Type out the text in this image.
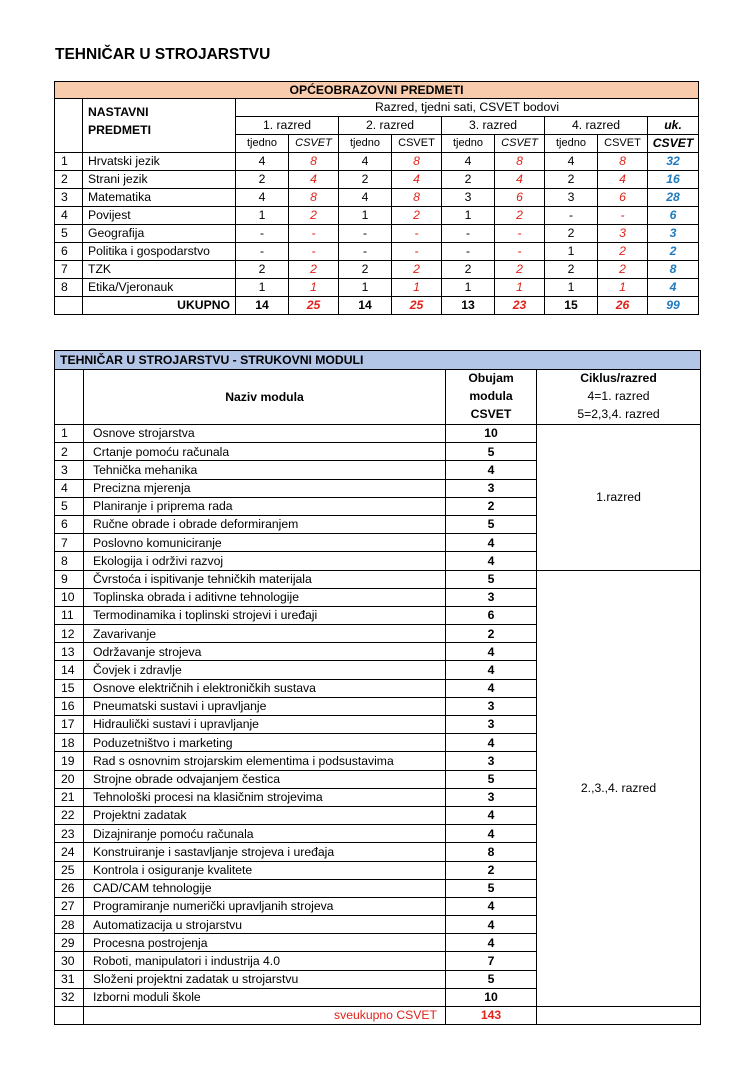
TEHNIČAR U STROJARSTVU
OPĆEOBRAZOVNI PREDMETI										
	NASTAVNI
PREDMETI	Razred, tjedni sati, CSVET bodovi								
		1. razred		2. razred		3. razred		4. razred		uk.
		tjedno	CSVET	tjedno	CSVET	tjedno	CSVET	tjedno	CSVET	CSVET
1	Hrvatski jezik	4	8	4	8	4	8	4	8	32
2	Strani jezik	2	4	2	4	2	4	2	4	16
3	Matematika	4	8	4	8	3	6	3	6	28
4	Povijest	1	2	1	2	1	2	-	-	6
5	Geografija	-	-	-	-	-	-	2	3	3
6	Politika i gospodarstvo	-	-	-	-	-	-	1	2	2
7	TZK	2	2	2	2	2	2	2	2	8
8	Etika/Vjeronauk	1	1	1	1	1	1	1	1	4
	UKUPNO	14	25	14	25	13	23	15	26	99
TEHNIČAR U STROJARSTVU - STRUKOVNI MODULI			
	Naziv modula	Obujam
modula
CSVET	Ciklus/razred
4=1. razred
5=2,3,4. razred
1	Osnove strojarstva	10	1.razred
2	Crtanje pomoću računala	5	
3	Tehnička mehanika	4	
4	Precizna mjerenja	3	
5	Planiranje i priprema rada	2	
6	Ručne obrade i obrade deformiranjem	5	
7	Poslovno komuniciranje	4	
8	Ekologija i održivi razvoj	4	
9	Čvrstoća i ispitivanje tehničkih materijala	5	2.,3.,4. razred
10	Toplinska obrada i aditivne tehnologije	3	
11	Termodinamika i toplinski strojevi i uređaji	6	
12	Zavarivanje	2	
13	Održavanje strojeva	4	
14	Čovjek i zdravlje	4	
15	Osnove električnih i elektroničkih sustava	4	
16	Pneumatski sustavi i upravljanje	3	
17	Hidraulički sustavi i upravljanje	3	
18	Poduzetništvo i marketing	4	
19	Rad s osnovnim strojarskim elementima i podsustavima	3	
20	Strojne obrade odvajanjem čestica	5	
21	Tehnološki procesi na klasičnim strojevima	3	
22	Projektni zadatak	4	
23	Dizajniranje pomoću računala	4	
24	Konstruiranje i sastavljanje strojeva i uređaja	8	
25	Kontrola i osiguranje kvalitete	2	
26	CAD/CAM tehnologije	5	
27	Programiranje numerički upravljanih strojeva	4	
28	Automatizacija u strojarstvu	4	
29	Procesna postrojenja	4	
30	Roboti, manipulatori i industrija 4.0	7	
31	Složeni projektni zadatak u strojarstvu	5	
32	Izborni moduli škole	10	
	sveukupno CSVET	143	
